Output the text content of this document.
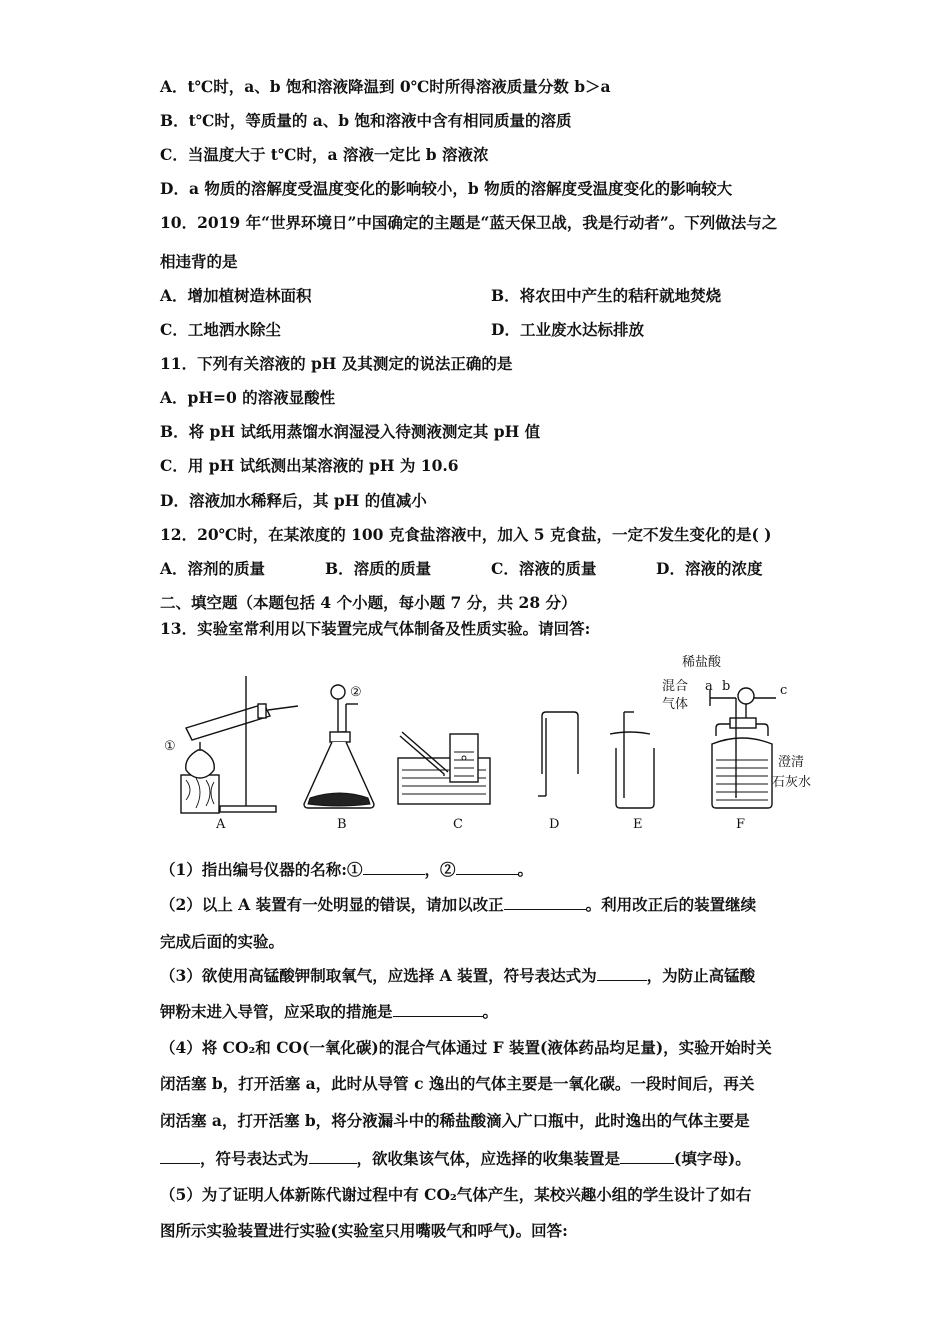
A．t℃时，a、b 饱和溶液降温到 0℃时所得溶液质量分数 b＞a
B．t℃时，等质量的 a、b 饱和溶液中含有相同质量的溶质
C．当温度大于 t℃时，a 溶液一定比 b 溶液浓
D．a 物质的溶解度受温度变化的影响较小，b 物质的溶解度受温度变化的影响较大
10．2019 年“世界环境日”中国确定的主题是“蓝天保卫战，我是行动者”。下列做法与之
相违背的是
A．增加植树造林面积	B．将农田中产生的秸秆就地焚烧
C．工地洒水除尘	D．工业废水达标排放
11．下列有关溶液的 pH 及其测定的说法正确的是
A．pH=0 的溶液显酸性
B．将 pH 试纸用蒸馏水润湿浸入待测液测定其 pH 值
C．用 pH 试纸测出某溶液的 pH 为 10.6
D．溶液加水稀释后，其 pH 的值减小
12．20℃时，在某浓度的 100 克食盐溶液中，加入 5 克食盐，一定不发生变化的是( )
A．溶剂的质量	B．溶质的质量	C．溶液的质量	D．溶液的浓度
二、填空题（本题包括 4 个小题，每小题 7 分，共 28 分）
13．实验室常利用以下装置完成气体制备及性质实验。请回答:
①
A
②
B	C	D	E
稀盐酸
混合
气体
a b	c
澄清
石灰水
F
（1）指出编号仪器的名称:①	，②	。
（2）以上 A 装置有一处明显的错误，请加以改正	。利用改正后的装置继续
完成后面的实验。
（3）欲使用高锰酸钾制取氧气，应选择 A 装置，符号表达式为	，为防止高锰酸
钾粉末进入导管，应采取的措施是	。
（4）将 CO₂和 CO(一氧化碳)的混合气体通过 F 装置(液体药品均足量)，实验开始时关
闭活塞 b，打开活塞 a，此时从导管 c 逸出的气体主要是一氧化碳。一段时间后，再关
闭活塞 a，打开活塞 b，将分液漏斗中的稀盐酸滴入广口瓶中，此时逸出的气体主要是
，符号表达式为	，欲收集该气体，应选择的收集装置是	(填字母)。
（5）为了证明人体新陈代谢过程中有 CO₂气体产生，某校兴趣小组的学生设计了如右
图所示实验装置进行实验(实验室只用嘴吸气和呼气)。回答:
